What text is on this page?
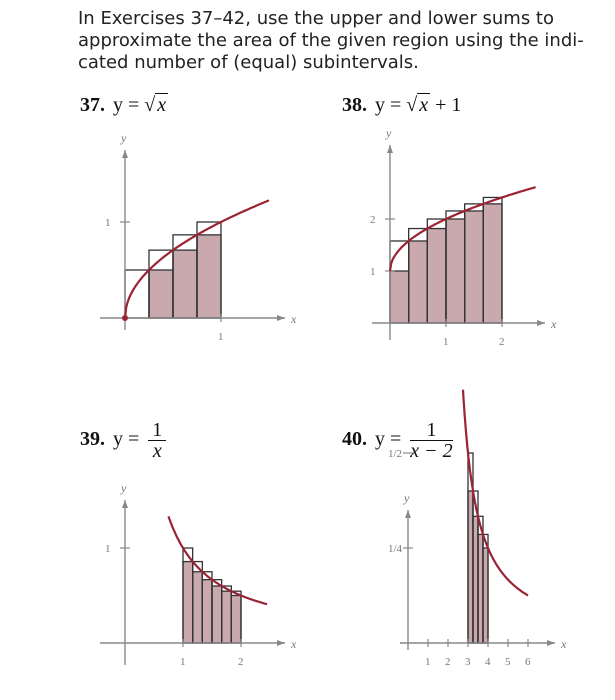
In Exercises 37–42, use the upper and lower sums to
approximate the area of the given region using the indi-
cated number of (equal) subintervals.
37. y = √ x	38. y = √ x + 1
39. $y = \frac{1}{x}$	40. $y = \frac{1}{x - 2}$
y
x
1
1
y
x
1	2
1
2
y
x
1	2
1
y
x
1 2 3 4 5 6
1/4
1/2
